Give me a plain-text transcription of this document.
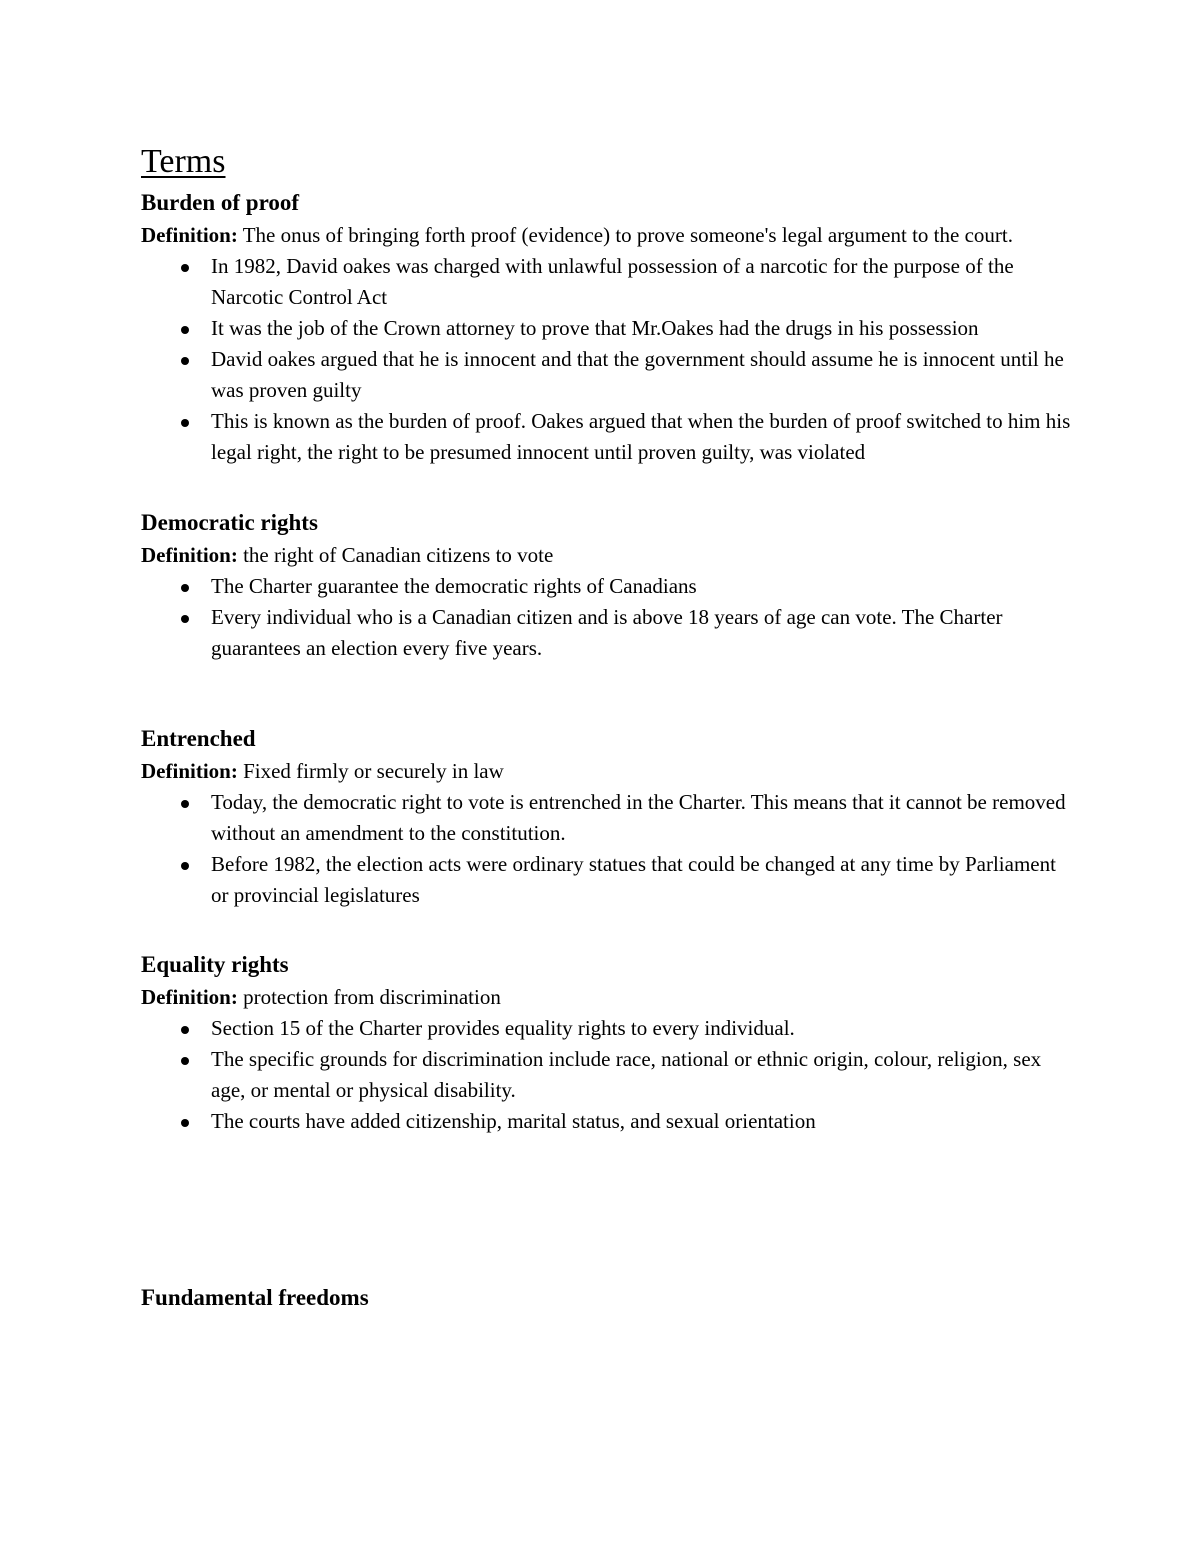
Terms
Burden of proof

Definition: The onus of bringing forth proof (evidence) to prove someone's legal argument to the court.

In 1982, David oakes was charged with unlawful possession of a narcotic for the purpose of the Narcotic Control Act
It was the job of the Crown attorney to prove that Mr.Oakes had the drugs in his possession
David oakes argued that he is innocent and that the government should assume he is innocent until he was proven guilty
This is known as the burden of proof. Oakes argued that when the burden of proof switched to him his legal right, the right to be presumed innocent until proven guilty, was violated
Democratic rights

Definition: the right of Canadian citizens to vote

The Charter guarantee the democratic rights of Canadians
Every individual who is a Canadian citizen and is above 18 years of age can vote. The Charter guarantees an election every five years.
Entrenched

Definition: Fixed firmly or securely in law

Today, the democratic right to vote is entrenched in the Charter. This means that it cannot be removed without an amendment to the constitution.
Before 1982, the election acts were ordinary statues that could be changed at any time by Parliament or provincial legislatures
Equality rights

Definition: protection from discrimination

Section 15 of the Charter provides equality rights to every individual.
The specific grounds for discrimination include race, national or ethnic origin, colour, religion, sex age, or mental or physical disability.
The courts have added citizenship, marital status, and sexual orientation
Fundamental freedoms
